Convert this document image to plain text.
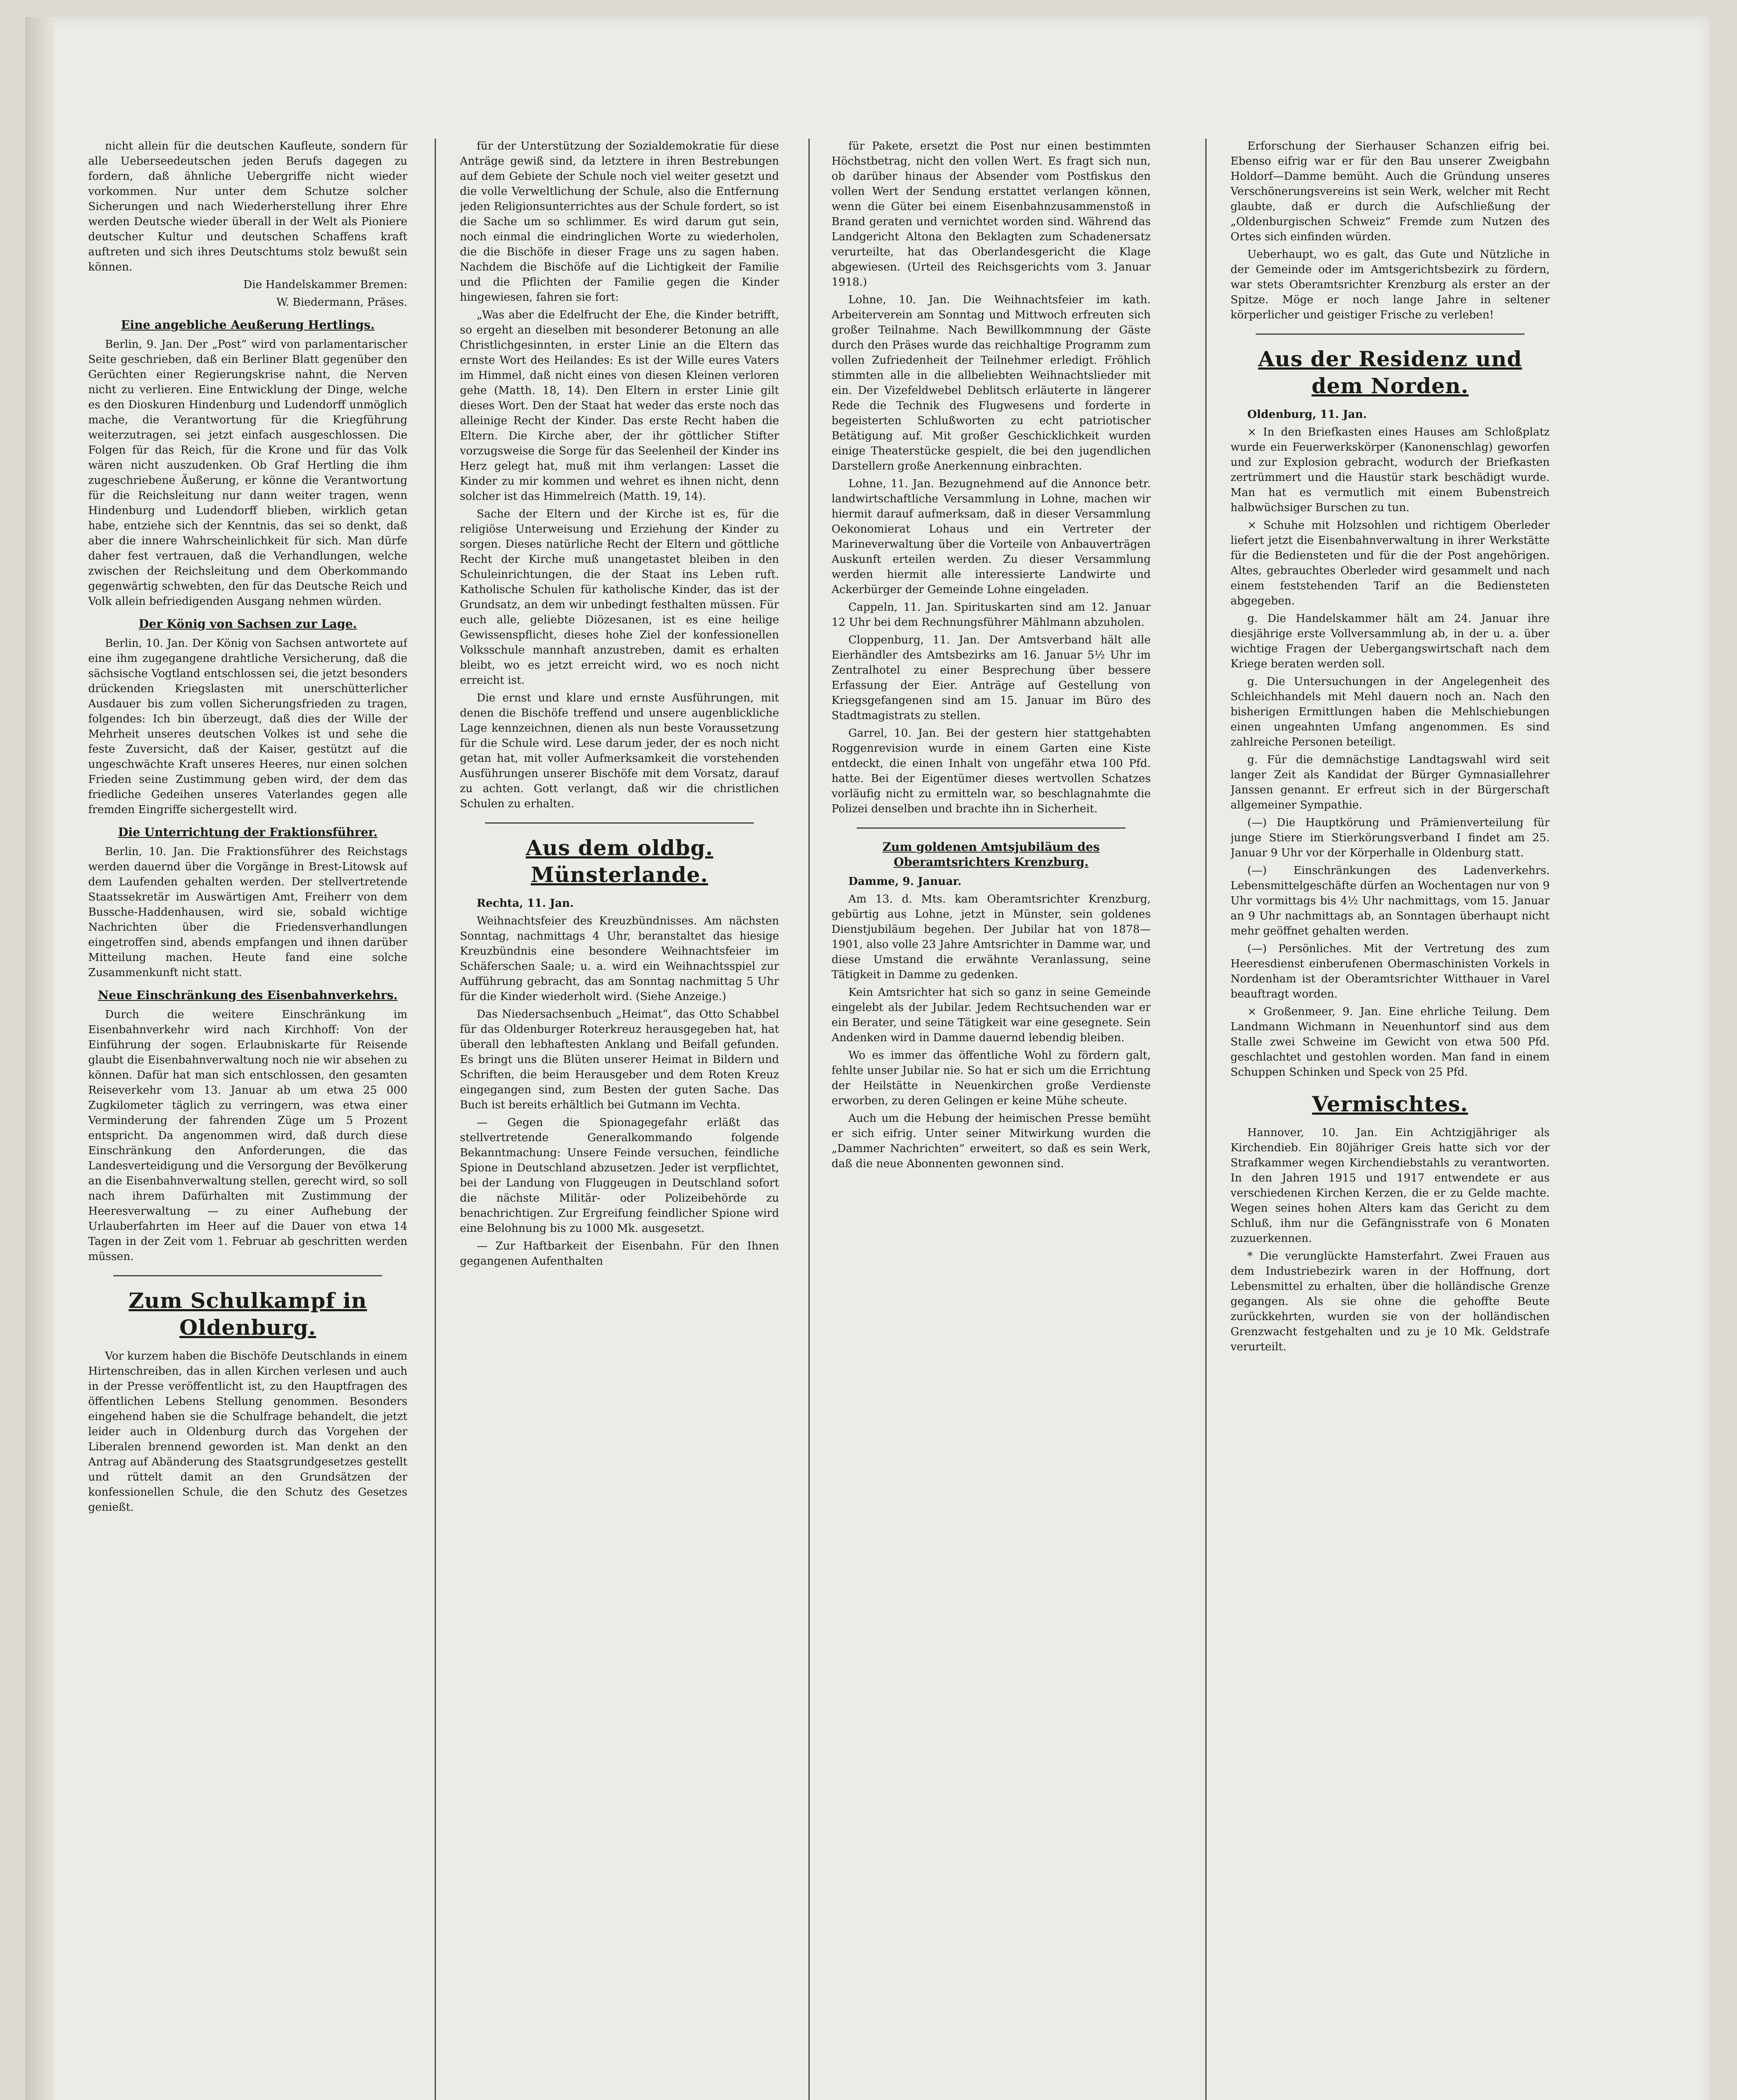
nicht allein für die deutschen Kaufleute, sondern für alle Ueberseedeutschen jeden Berufs dagegen zu fordern, daß ähnliche Uebergriffe nicht wieder vorkommen. Nur unter dem Schutze solcher Sicherungen und nach Wiederherstellung ihrer Ehre werden Deutsche wieder überall in der Welt als Pioniere deutscher Kultur und deutschen Schaffens kraft auftreten und sich ihres Deutschtums stolz bewußt sein können.

Die Handelskammer Bremen:

W. Biedermann, Präses.

Eine angebliche Aeußerung Hertlings.

Berlin, 9. Jan. Der „Post“ wird von parlamentarischer Seite geschrieben, daß ein Berliner Blatt gegenüber den Gerüchten einer Regierungskrise nahnt, die Nerven nicht zu verlieren. Eine Entwicklung der Dinge, welche es den Dioskuren Hindenburg und Ludendorff unmöglich mache, die Verantwortung für die Kriegführung weiterzutragen, sei jetzt einfach ausgeschlossen. Die Folgen für das Reich, für die Krone und für das Volk wären nicht auszudenken. Ob Graf Hertling die ihm zugeschriebene Äußerung, er könne die Verantwortung für die Reichsleitung nur dann weiter tragen, wenn Hindenburg und Ludendorff blieben, wirklich getan habe, entziehe sich der Kenntnis, das sei so denkt, daß aber die innere Wahrscheinlichkeit für sich. Man dürfe daher fest vertrauen, daß die Verhandlungen, welche zwischen der Reichsleitung und dem Oberkommando gegenwärtig schwebten, den für das Deutsche Reich und Volk allein befriedigenden Ausgang nehmen würden.

Der König von Sachsen zur Lage.

Berlin, 10. Jan. Der König von Sachsen antwortete auf eine ihm zugegangene drahtliche Versicherung, daß die sächsische Vogtland entschlossen sei, die jetzt besonders drückenden Kriegslasten mit unerschütterlicher Ausdauer bis zum vollen Sicherungsfrieden zu tragen, folgendes: Ich bin überzeugt, daß dies der Wille der Mehrheit unseres deutschen Volkes ist und sehe die feste Zuversicht, daß der Kaiser, gestützt auf die ungeschwächte Kraft unseres Heeres, nur einen solchen Frieden seine Zustimmung geben wird, der dem das friedliche Gedeihen unseres Vaterlandes gegen alle fremden Eingriffe sichergestellt wird.

Die Unterrichtung der Fraktionsführer.

Berlin, 10. Jan. Die Fraktionsführer des Reichstags werden dauernd über die Vorgänge in Brest-Litowsk auf dem Laufenden gehalten werden. Der stellvertretende Staatssekretär im Auswärtigen Amt, Freiherr von dem Bussche-Haddenhausen, wird sie, sobald wichtige Nachrichten über die Friedensverhandlungen eingetroffen sind, abends empfangen und ihnen darüber Mitteilung machen. Heute fand eine solche Zusammenkunft nicht statt.

Neue Einschränkung des Eisenbahnverkehrs.

Durch die weitere Einschränkung im Eisenbahnverkehr wird nach Kirchhoff: Von der Einführung der sogen. Erlaubniskarte für Reisende glaubt die Eisenbahnverwaltung noch nie wir absehen zu können. Dafür hat man sich entschlossen, den gesamten Reiseverkehr vom 13. Januar ab um etwa 25 000 Zugkilometer täglich zu verringern, was etwa einer Verminderung der fahrenden Züge um 5 Prozent entspricht. Da angenommen wird, daß durch diese Einschränkung den Anforderungen, die das Landesverteidigung und die Versorgung der Bevölkerung an die Eisenbahnverwaltung stellen, gerecht wird, so soll nach ihrem Dafürhalten mit Zustimmung der Heeresverwaltung — zu einer Aufhebung der Urlauberfahrten im Heer auf die Dauer von etwa 14 Tagen in der Zeit vom 1. Februar ab geschritten werden müssen.

Zum Schulkampf in Oldenburg.

Vor kurzem haben die Bischöfe Deutschlands in einem Hirtenschreiben, das in allen Kirchen verlesen und auch in der Presse veröffentlicht ist, zu den Hauptfragen des öffentlichen Lebens Stellung genommen. Besonders eingehend haben sie die Schulfrage behandelt, die jetzt leider auch in Oldenburg durch das Vorgehen der Liberalen brennend geworden ist. Man denkt an den Antrag auf Abänderung des Staatsgrundgesetzes gestellt und rüttelt damit an den Grundsätzen der konfessionellen Schule, die den Schutz des Gesetzes genießt.

für der Unterstützung der Sozialdemokratie für diese Anträge gewiß sind, da letztere in ihren Bestrebungen auf dem Gebiete der Schule noch viel weiter gesetzt und die volle Verweltlichung der Schule, also die Entfernung jeden Religionsunterrichtes aus der Schule fordert, so ist die Sache um so schlimmer. Es wird darum gut sein, noch einmal die eindringlichen Worte zu wiederholen, die die Bischöfe in dieser Frage uns zu sagen haben. Nachdem die Bischöfe auf die Lichtigkeit der Familie und die Pflichten der Familie gegen die Kinder hingewiesen, fahren sie fort:

„Was aber die Edelfrucht der Ehe, die Kinder betrifft, so ergeht an dieselben mit besonderer Betonung an alle Christlichgesinnten, in erster Linie an die Eltern das ernste Wort des Heilandes: Es ist der Wille eures Vaters im Himmel, daß nicht eines von diesen Kleinen verloren gehe (Matth. 18, 14). Den Eltern in erster Linie gilt dieses Wort. Den der Staat hat weder das erste noch das alleinige Recht der Kinder. Das erste Recht haben die Eltern. Die Kirche aber, der ihr göttlicher Stifter vorzugsweise die Sorge für das Seelenheil der Kinder ins Herz gelegt hat, muß mit ihm verlangen: Lasset die Kinder zu mir kommen und wehret es ihnen nicht, denn solcher ist das Himmelreich (Matth. 19, 14).

Sache der Eltern und der Kirche ist es, für die religiöse Unterweisung und Erziehung der Kinder zu sorgen. Dieses natürliche Recht der Eltern und göttliche Recht der Kirche muß unangetastet bleiben in den Schuleinrichtungen, die der Staat ins Leben ruft. Katholische Schulen für katholische Kinder, das ist der Grundsatz, an dem wir unbedingt festhalten müssen. Für euch alle, geliebte Diözesanen, ist es eine heilige Gewissenspflicht, dieses hohe Ziel der konfessionellen Volksschule mannhaft anzustreben, damit es erhalten bleibt, wo es jetzt erreicht wird, wo es noch nicht erreicht ist.

Die ernst und klare und ernste Ausführungen, mit denen die Bischöfe treffend und unsere augenblickliche Lage kennzeichnen, dienen als nun beste Voraussetzung für die Schule wird. Lese darum jeder, der es noch nicht getan hat, mit voller Aufmerksamkeit die vorstehenden Ausführungen unserer Bischöfe mit dem Vorsatz, darauf zu achten. Gott verlangt, daß wir die christlichen Schulen zu erhalten.

Aus dem oldbg. Münsterlande.

Rechta, 11. Jan.

Weihnachtsfeier des Kreuzbündnisses. Am nächsten Sonntag, nachmittags 4 Uhr, beranstaltet das hiesige Kreuzbündnis eine besondere Weihnachtsfeier im Schäferschen Saale; u. a. wird ein Weihnachtsspiel zur Aufführung gebracht, das am Sonntag nachmittag 5 Uhr für die Kinder wiederholt wird. (Siehe Anzeige.)

Das Niedersachsenbuch „Heimat“, das Otto Schabbel für das Oldenburger Roterkreuz herausgegeben hat, hat überall den lebhaftesten Anklang und Beifall gefunden. Es bringt uns die Blüten unserer Heimat in Bildern und Schriften, die beim Herausgeber und dem Roten Kreuz eingegangen sind, zum Besten der guten Sache. Das Buch ist bereits erhältlich bei Gutmann im Vechta.

— Gegen die Spionagegefahr erläßt das stellvertretende Generalkommando folgende Bekanntmachung: Unsere Feinde versuchen, feindliche Spione in Deutschland abzusetzen. Jeder ist verpflichtet, bei der Landung von Fluggeugen in Deutschland sofort die nächste Militär- oder Polizeibehörde zu benachrichtigen. Zur Ergreifung feindlicher Spione wird eine Belohnung bis zu 1000 Mk. ausgesetzt.

— Zur Haftbarkeit der Eisenbahn. Für den Ihnen gegangenen Aufenthalten

für Pakete, ersetzt die Post nur einen bestimmten Höchstbetrag, nicht den vollen Wert. Es fragt sich nun, ob darüber hinaus der Absender vom Postfiskus den vollen Wert der Sendung erstattet verlangen können, wenn die Güter bei einem Eisenbahnzusammenstoß in Brand geraten und vernichtet worden sind. Während das Landgericht Altona den Beklagten zum Schadenersatz verurteilte, hat das Oberlandesgericht die Klage abgewiesen. (Urteil des Reichsgerichts vom 3. Januar 1918.)

Lohne, 10. Jan. Die Weihnachtsfeier im kath. Arbeiterverein am Sonntag und Mittwoch erfreuten sich großer Teilnahme. Nach Bewillkommnung der Gäste durch den Präses wurde das reichhaltige Programm zum vollen Zufriedenheit der Teilnehmer erledigt. Fröhlich stimmten alle in die allbeliebten Weihnachtslieder mit ein. Der Vizefeldwebel Deblitsch erläuterte in längerer Rede die Technik des Flugwesens und forderte in begeisterten Schlußworten zu echt patriotischer Betätigung auf. Mit großer Geschicklichkeit wurden einige Theaterstücke gespielt, die bei den jugendlichen Darstellern große Anerkennung einbrachten.

Lohne, 11. Jan. Bezugnehmend auf die Annonce betr. landwirtschaftliche Versammlung in Lohne, machen wir hiermit darauf aufmerksam, daß in dieser Versammlung Oekonomierat Lohaus und ein Vertreter der Marineverwaltung über die Vorteile von Anbauverträgen Auskunft erteilen werden. Zu dieser Versammlung werden hiermit alle interessierte Landwirte und Ackerbürger der Gemeinde Lohne eingeladen.

Cappeln, 11. Jan. Spirituskarten sind am 12. Januar 12 Uhr bei dem Rechnungsführer Mählmann abzuholen.

Cloppenburg, 11. Jan. Der Amtsverband hält alle Eierhändler des Amtsbezirks am 16. Januar 5½ Uhr im Zentralhotel zu einer Besprechung über bessere Erfassung der Eier. Anträge auf Gestellung von Kriegsgefangenen sind am 15. Januar im Büro des Stadtmagistrats zu stellen.

Garrel, 10. Jan. Bei der gestern hier stattgehabten Roggenrevision wurde in einem Garten eine Kiste entdeckt, die einen Inhalt von ungefähr etwa 100 Pfd. hatte. Bei der Eigentümer dieses wertvollen Schatzes vorläufig nicht zu ermitteln war, so beschlagnahmte die Polizei denselben und brachte ihn in Sicherheit.

Zum goldenen Amtsjubiläum des Oberamtsrichters Krenzburg.

Damme, 9. Januar.

Am 13. d. Mts. kam Oberamtsrichter Krenzburg, gebürtig aus Lohne, jetzt in Münster, sein goldenes Dienstjubiläum begehen. Der Jubilar hat von 1878—1901, also volle 23 Jahre Amtsrichter in Damme war, und diese Umstand die erwähnte Veranlassung, seine Tätigkeit in Damme zu gedenken.

Kein Amtsrichter hat sich so ganz in seine Gemeinde eingelebt als der Jubilar. Jedem Rechtsuchenden war er ein Berater, und seine Tätigkeit war eine gesegnete. Sein Andenken wird in Damme dauernd lebendig bleiben.

Wo es immer das öffentliche Wohl zu fördern galt, fehlte unser Jubilar nie. So hat er sich um die Errichtung der Heilstätte in Neuenkirchen große Verdienste erworben, zu deren Gelingen er keine Mühe scheute.

Auch um die Hebung der heimischen Presse bemüht er sich eifrig. Unter seiner Mitwirkung wurden die „Dammer Nachrichten“ erweitert, so daß es sein Werk, daß die neue Abonnenten gewonnen sind.

Erforschung der Sierhauser Schanzen eifrig bei. Ebenso eifrig war er für den Bau unserer Zweigbahn Holdorf—Damme bemüht. Auch die Gründung unseres Verschönerungsvereins ist sein Werk, welcher mit Recht glaubte, daß er durch die Aufschließung der „Oldenburgischen Schweiz“ Fremde zum Nutzen des Ortes sich einfinden würden.

Ueberhaupt, wo es galt, das Gute und Nützliche in der Gemeinde oder im Amtsgerichtsbezirk zu fördern, war stets Oberamtsrichter Krenzburg als erster an der Spitze. Möge er noch lange Jahre in seltener körperlicher und geistiger Frische zu verleben!

Aus der Residenz und dem Norden.

Oldenburg, 11. Jan.

× In den Briefkasten eines Hauses am Schloßplatz wurde ein Feuerwerkskörper (Kanonenschlag) geworfen und zur Explosion gebracht, wodurch der Briefkasten zertrümmert und die Haustür stark beschädigt wurde. Man hat es vermutlich mit einem Bubenstreich halbwüchsiger Burschen zu tun.

× Schuhe mit Holzsohlen und richtigem Oberleder liefert jetzt die Eisenbahnverwaltung in ihrer Werkstätte für die Bediensteten und für die der Post angehörigen. Altes, gebrauchtes Oberleder wird gesammelt und nach einem feststehenden Tarif an die Bediensteten abgegeben.

g. Die Handelskammer hält am 24. Januar ihre diesjährige erste Vollversammlung ab, in der u. a. über wichtige Fragen der Uebergangswirtschaft nach dem Kriege beraten werden soll.

g. Die Untersuchungen in der Angelegenheit des Schleichhandels mit Mehl dauern noch an. Nach den bisherigen Ermittlungen haben die Mehlschiebungen einen ungeahnten Umfang angenommen. Es sind zahlreiche Personen beteiligt.

g. Für die demnächstige Landtagswahl wird seit langer Zeit als Kandidat der Bürger Gymnasiallehrer Janssen genannt. Er erfreut sich in der Bürgerschaft allgemeiner Sympathie.

(—) Die Hauptkörung und Prämienverteilung für junge Stiere im Stierkörungsverband I findet am 25. Januar 9 Uhr vor der Körperhalle in Oldenburg statt.

(—) Einschränkungen des Ladenverkehrs. Lebensmittelgeschäfte dürfen an Wochentagen nur von 9 Uhr vormittags bis 4½ Uhr nachmittags, vom 15. Januar an 9 Uhr nachmittags ab, an Sonntagen überhaupt nicht mehr geöffnet gehalten werden.

(—) Persönliches. Mit der Vertretung des zum Heeresdienst einberufenen Obermaschinisten Vorkels in Nordenham ist der Oberamtsrichter Witthauer in Varel beauftragt worden.

× Großenmeer, 9. Jan. Eine ehrliche Teilung. Dem Landmann Wichmann in Neuenhuntorf sind aus dem Stalle zwei Schweine im Gewicht von etwa 500 Pfd. geschlachtet und gestohlen worden. Man fand in einem Schuppen Schinken und Speck von 25 Pfd.

Vermischtes.

Hannover, 10. Jan. Ein Achtzigjähriger als Kirchendieb. Ein 80jähriger Greis hatte sich vor der Strafkammer wegen Kirchendiebstahls zu verantworten. In den Jahren 1915 und 1917 entwendete er aus verschiedenen Kirchen Kerzen, die er zu Gelde machte. Wegen seines hohen Alters kam das Gericht zu dem Schluß, ihm nur die Gefängnisstrafe von 6 Monaten zuzuerkennen.

* Die verunglückte Hamsterfahrt. Zwei Frauen aus dem Industriebezirk waren in der Hoffnung, dort Lebensmittel zu erhalten, über die holländische Grenze gegangen. Als sie ohne die gehoffte Beute zurückkehrten, wurden sie von der holländischen Grenzwacht festgehalten und zu je 10 Mk. Geldstrafe verurteilt.
